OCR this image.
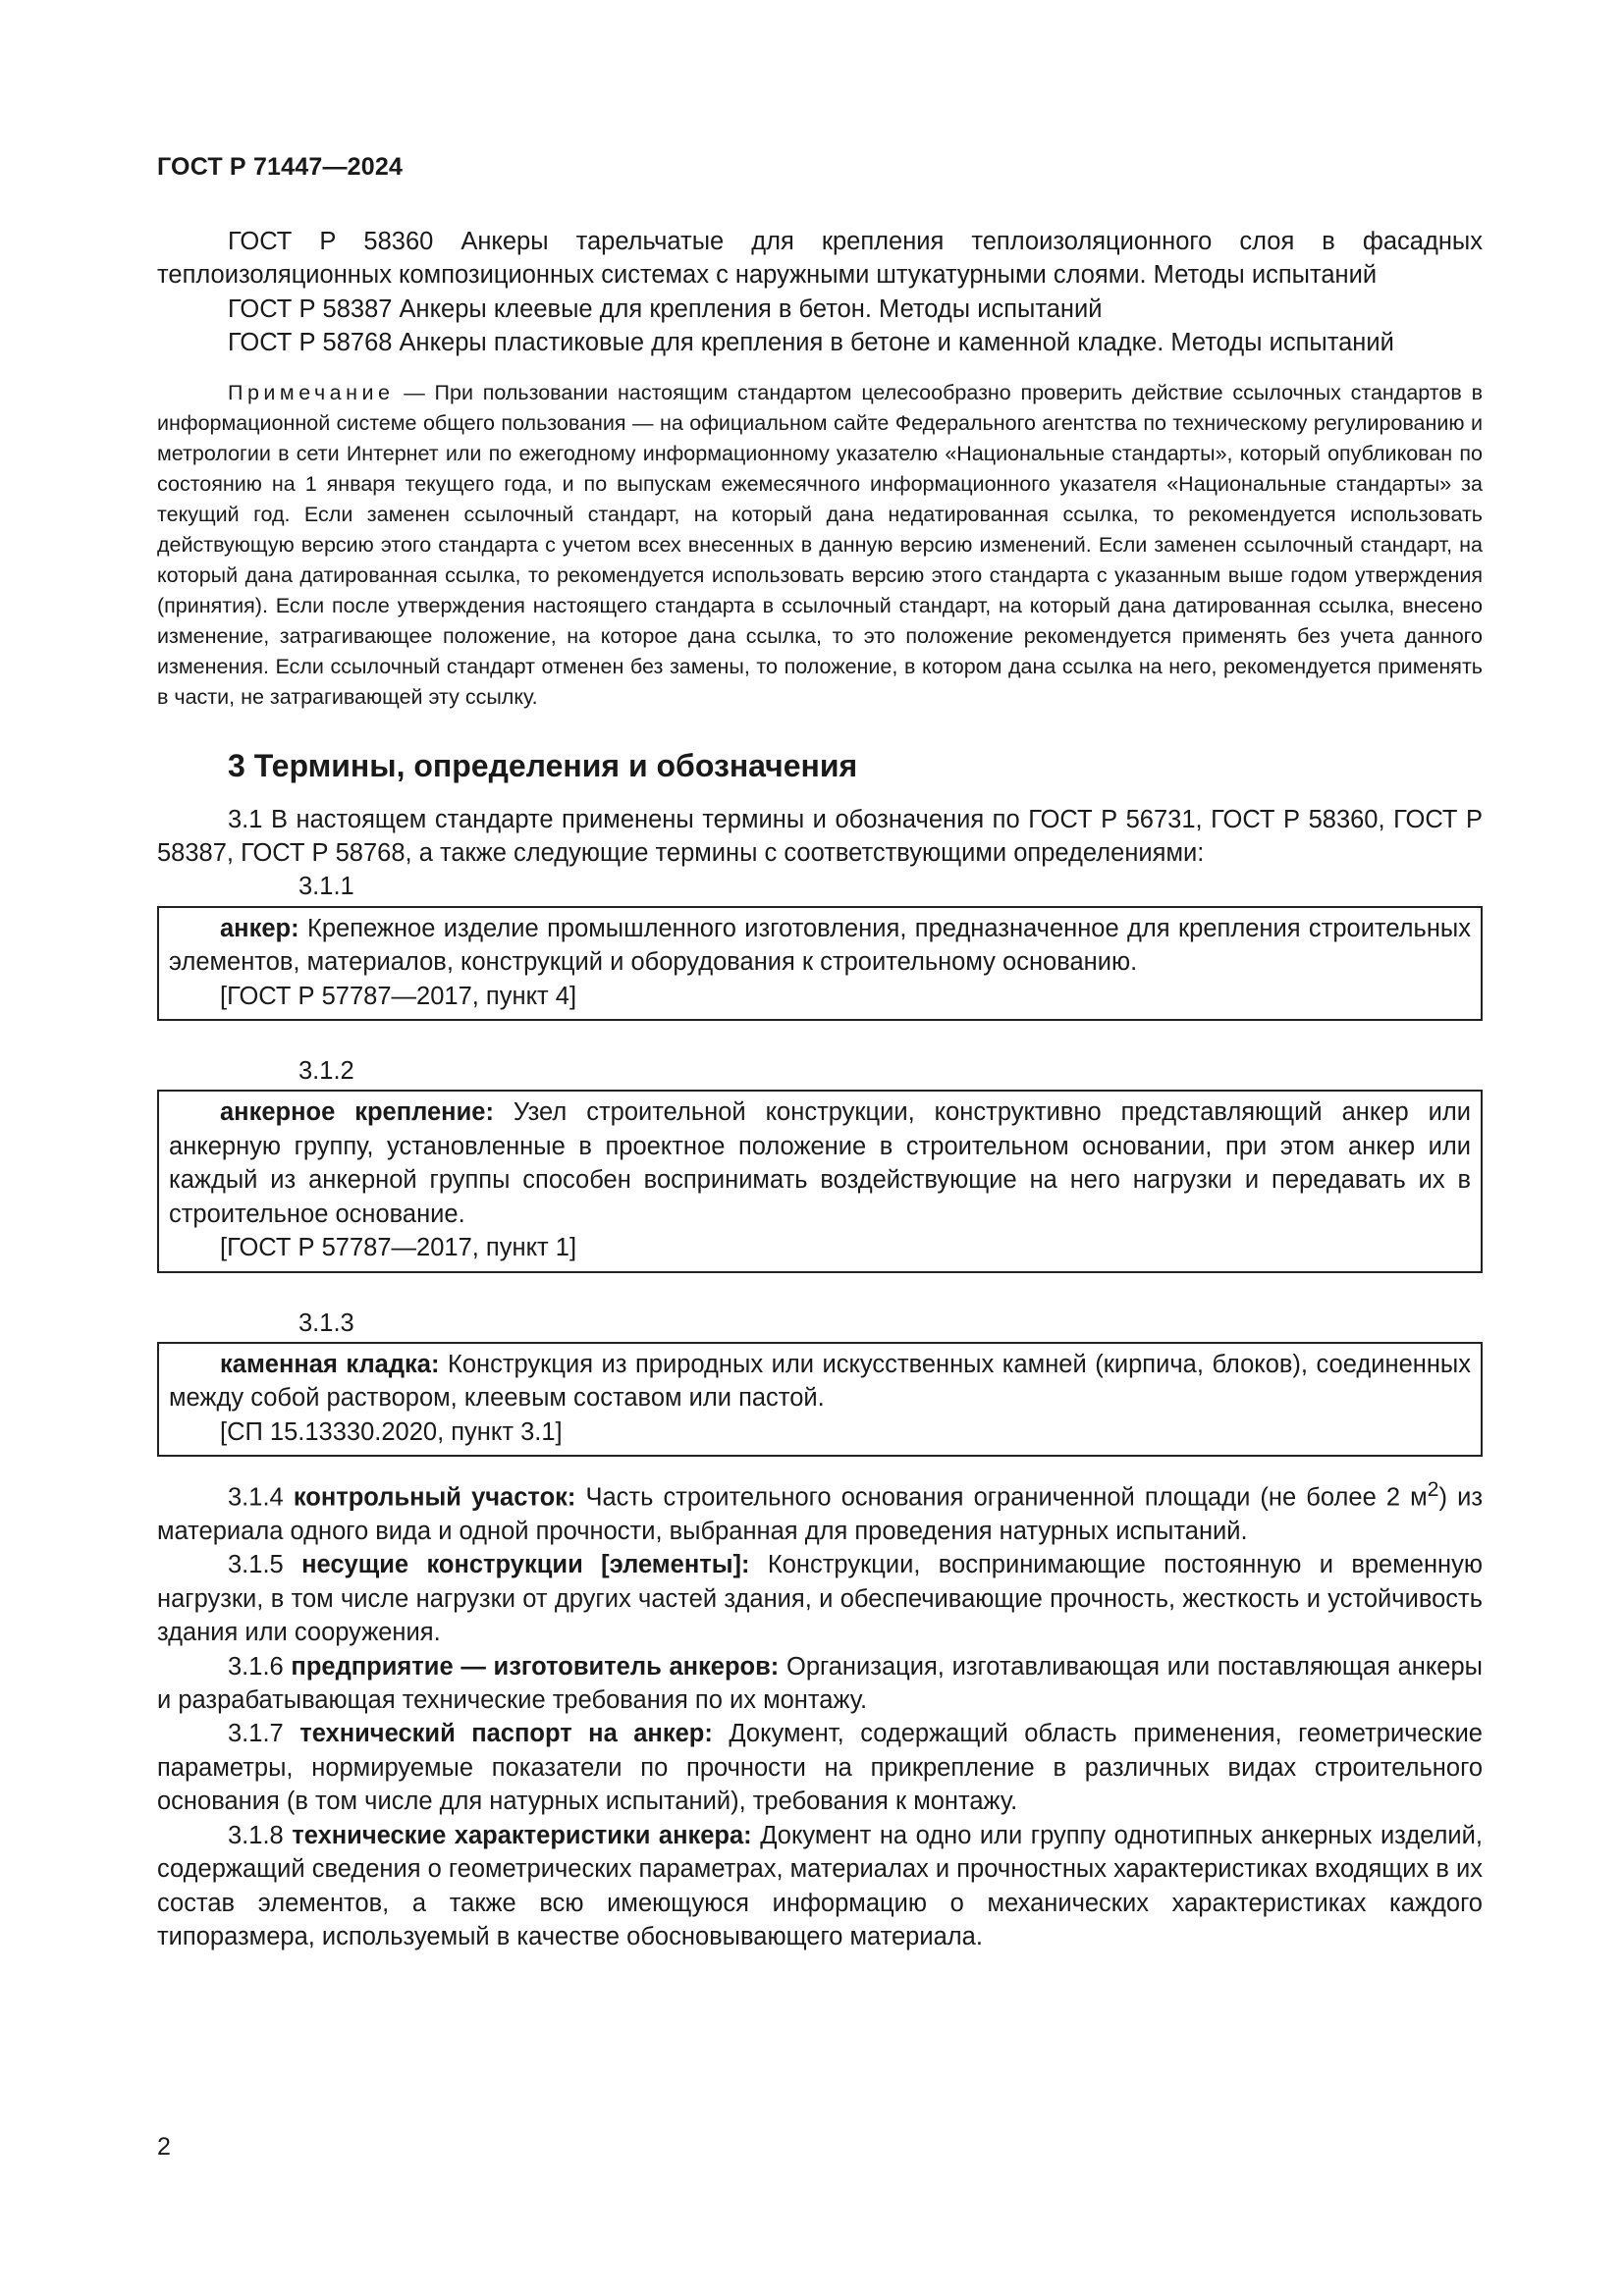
ГОСТ Р 71447—2024

ГОСТ Р 58360 Анкеры тарельчатые для крепления теплоизоляционного слоя в фасадных теплоизоляционных композиционных системах с наружными штукатурными слоями. Методы испытаний

ГОСТ Р 58387 Анкеры клеевые для крепления в бетон. Методы испытаний

ГОСТ Р 58768 Анкеры пластиковые для крепления в бетоне и каменной кладке. Методы испытаний

Примечание — При пользовании настоящим стандартом целесообразно проверить действие ссылочных стандартов в информационной системе общего пользования — на официальном сайте Федерального агентства по техническому регулированию и метрологии в сети Интернет или по ежегодному информационному указателю «Национальные стандарты», который опубликован по состоянию на 1 января текущего года, и по выпускам ежемесячного информационного указателя «Национальные стандарты» за текущий год. Если заменен ссылочный стандарт, на который дана недатированная ссылка, то рекомендуется использовать действующую версию этого стандарта с учетом всех внесенных в данную версию изменений. Если заменен ссылочный стандарт, на который дана датированная ссылка, то рекомендуется использовать версию этого стандарта с указанным выше годом утверждения (принятия). Если после утверждения настоящего стандарта в ссылочный стандарт, на который дана датированная ссылка, внесено изменение, затрагивающее положение, на которое дана ссылка, то это положение рекомендуется применять без учета данного изменения. Если ссылочный стандарт отменен без замены, то положение, в котором дана ссылка на него, рекомендуется применять в части, не затрагивающей эту ссылку.

3 Термины, определения и обозначения

3.1 В настоящем стандарте применены термины и обозначения по ГОСТ Р 56731, ГОСТ Р 58360, ГОСТ Р 58387, ГОСТ Р 58768, а также следующие термины с соответствующими определениями:

3.1.1

анкер: Крепежное изделие промышленного изготовления, предназначенное для крепления строительных элементов, материалов, конструкций и оборудования к строительному основанию.

[ГОСТ Р 57787—2017, пункт 4]

3.1.2

анкерное крепление: Узел строительной конструкции, конструктивно представляющий анкер или анкерную группу, установленные в проектное положение в строительном основании, при этом анкер или каждый из анкерной группы способен воспринимать воздействующие на него нагрузки и передавать их в строительное основание.

[ГОСТ Р 57787—2017, пункт 1]

3.1.3

каменная кладка: Конструкция из природных или искусственных камней (кирпича, блоков), соединенных между собой раствором, клеевым составом или пастой.

[СП 15.13330.2020, пункт 3.1]

3.1.4 контрольный участок: Часть строительного основания ограниченной площади (не более 2 $м^2$) из материала одного вида и одной прочности, выбранная для проведения натурных испытаний.

3.1.5 несущие конструкции [элементы]: Конструкции, воспринимающие постоянную и временную нагрузки, в том числе нагрузки от других частей здания, и обеспечивающие прочность, жесткость и устойчивость здания или сооружения.

3.1.6 предприятие — изготовитель анкеров: Организация, изготавливающая или поставляющая анкеры и разрабатывающая технические требования по их монтажу.

3.1.7 технический паспорт на анкер: Документ, содержащий область применения, геометрические параметры, нормируемые показатели по прочности на прикрепление в различных видах строительного основания (в том числе для натурных испытаний), требования к монтажу.

3.1.8 технические характеристики анкера: Документ на одно или группу однотипных анкерных изделий, содержащий сведения о геометрических параметрах, материалах и прочностных характеристиках входящих в их состав элементов, а также всю имеющуюся информацию о механических характеристиках каждого типоразмера, используемый в качестве обосновывающего материала.

2
